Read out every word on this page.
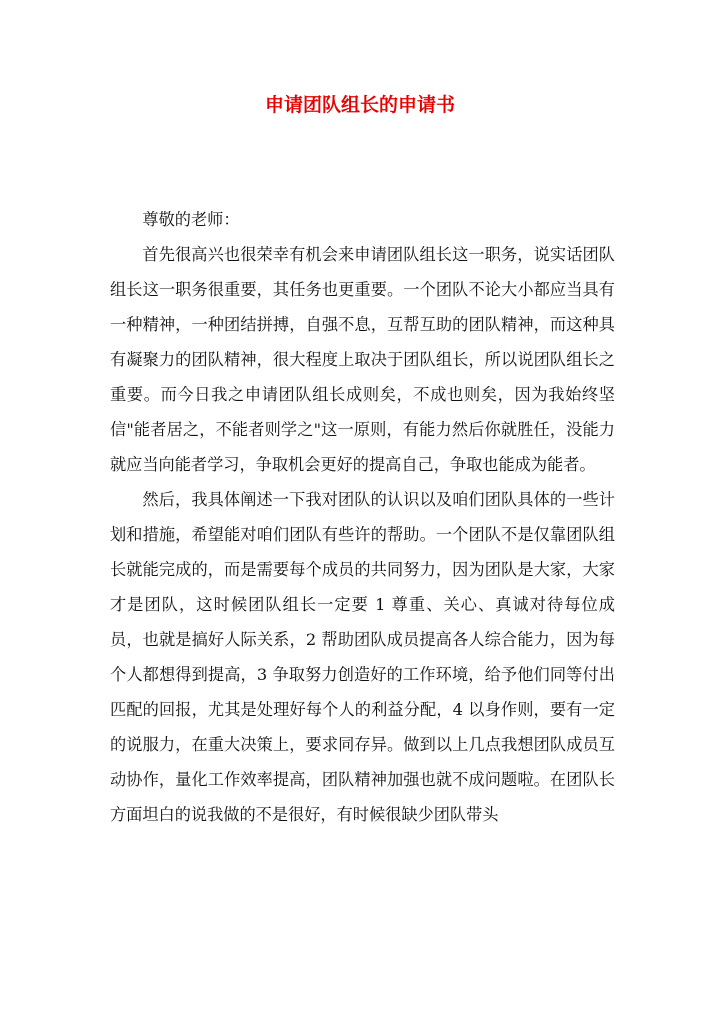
申请团队组长的申请书

尊敬的老师：

首先很高兴也很荣幸有机会来申请团队组长这一职务，说实话团队组长这一职务很重要，其任务也更重要。一个团队不论大小都应当具有一种精神，一种团结拼搏，自强不息，互帮互助的团队精神，而这种具有凝聚力的团队精神，很大程度上取决于团队组长，所以说团队组长之重要。而今日我之申请团队组长成则矣，不成也则矣，因为我始终坚信"能者居之，不能者则学之"这一原则，有能力然后你就胜任，没能力就应当向能者学习，争取机会更好的提高自己，争取也能成为能者。

然后，我具体阐述一下我对团队的认识以及咱们团队具体的一些计划和措施，希望能对咱们团队有些许的帮助。一个团队不是仅靠团队组长就能完成的，而是需要每个成员的共同努力，因为团队是大家，大家才是团队，这时候团队组长一定要 1 尊重、关心、真诚对待每位成员，也就是搞好人际关系，2 帮助团队成员提高各人综合能力，因为每个人都想得到提高，3 争取努力创造好的工作环境，给予他们同等付出匹配的回报，尤其是处理好每个人的利益分配，4 以身作则，要有一定的说服力，在重大决策上，要求同存异。做到以上几点我想团队成员互动协作，量化工作效率提高，团队精神加强也就不成问题啦。在团队长方面坦白的说我做的不是很好，有时候很缺少团队带头
